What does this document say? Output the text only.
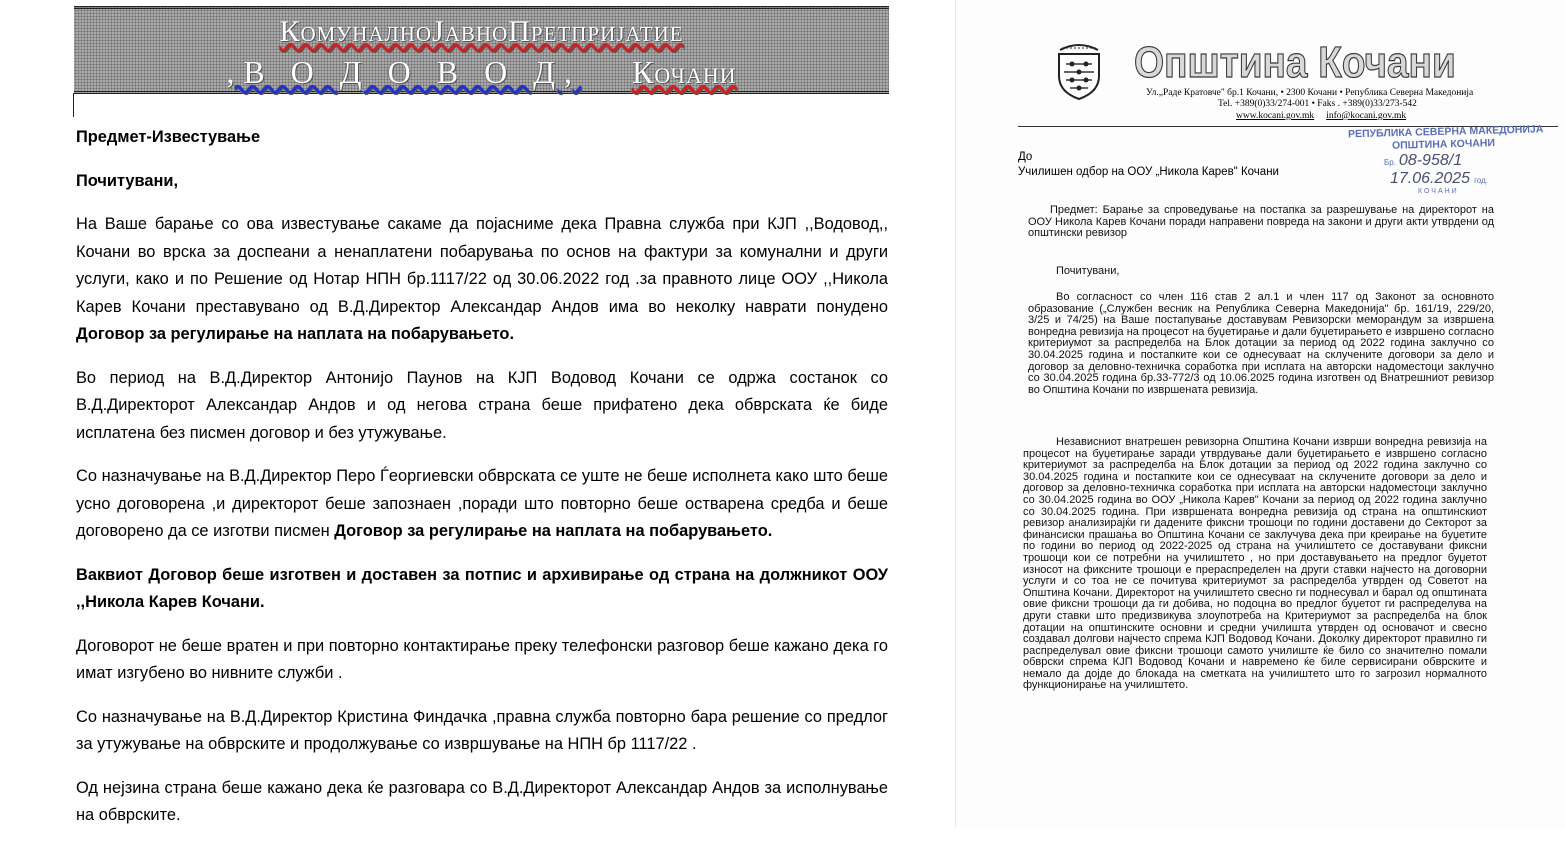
КомуналноЈавноПретпријатие
,В О Д О В О Д, Кочани

Предмет-Известување

Почитувани,

На Ваше барање со ова известување сакаме да појасниме дека Правна служба при КЈП ,,Водовод,, Кочани во врска за доспеани а ненаплатени побарувања по основ на фактури за комунални и други услуги, како и по Решение од Нотар НПН бр.1117/22 од 30.06.2022 год .за правното лице ООУ ,,Никола Карев Кочани преставувано од В.Д.Директор Александар Андов има во неколку наврати понудено Договор за регулирање на наплата на побарувањето.

Во период на В.Д.Директор Антонијо Паунов на КЈП Водовод Кочани се одржа состанок со В.Д.Директорот Александар Андов и од негова страна беше прифатено дека обврската ќе биде исплатена без писмен договор и без утужување.

Со назначување на В.Д.Директор Перо Ѓеоргиевски обврската се уште не беше исполнета како што беше усно договорена ,и директорот беше запознаен ,поради што повторно беше остварена средба и беше договорено да се изготви писмен Договор за регулирање на наплата на побарувањето.

Ваквиот Договор беше изготвен и доставен за потпис и архивирање од страна на должникот ООУ ,,Никола Карев Кочани.

Договорот не беше вратен и при повторно контактирање преку телефонски разговор беше кажано дека го имат изгубено во нивните служби .

Со назначување на В.Д.Директор Кристина Финдачка ,правна служба повторно бара решение со предлог за утужување на обврските и продолжување со извршување на НПН бр 1117/22 .

Од нејзина страна беше кажано дека ќе разговара со В.Д.Директорот Александар Андов за исполнување на обврските.

Општина Кочани
Ул.„Раде Кратовче" бр.1 Кочани, • 2300 Кочани • Република Северна Македонија
Tel. +389(0)33/274-001 • Faks . +389(0)33/273-542
www.kocani.gov.mk info@kocani.gov.mk
РЕПУБЛИКА СЕВЕРНА МАКЕДОНИЈА
ОПШТИНА КОЧАНИ
Бр. 08-958/1
17.06.2025 год.
КОЧАНИ
До
Училишен одбор на ООУ „Никола Карев" Кочани
Предмет: Барање за спроведување на постапка за разрешување на директорот на ООУ Никола Карев Кочани поради направени повреда на закони и други акти утврдени од општински ревизор
Почитувани,
Во согласност со член 116 став 2 ал.1 и член 117 од Законот за основното образование („Службен весник на Република Северна Македонија" бр. 161/19, 229/20, 3/25 и 74/25) на Ваше постапување доставувам Ревизорски меморандум за извршена вонредна ревизија на процесот на буџетирање и дали буџетирањето е извршено согласно критериумот за распределба на Блок дотации за период од 2022 година заклучно со 30.04.2025 година и постапките кои се однесуваат на склучените договори за дело и договор за деловно-техничка соработка при исплата на авторски надоместоци заклучно со 30.04.2025 година бр.33-772/3 од 10.06.2025 година изготвен од Внатрешниот ревизор во Општина Кочани по извршената ревизија.
Независниот внатрешен ревизорна Општина Кочани изврши вонредна ревизија на процесот на буџетирање заради утврдување дали буџетирањето е извршено согласно критериумот за распределба на Блок дотации за период од 2022 година заклучно со 30.04.2025 година и постапките кои се однесуваат на склучените договори за дело и договор за деловно-техничка соработка при исплата на авторски надоместоци заклучно со 30.04.2025 година во ООУ „Никола Карев" Кочани за период од 2022 година заклучно со 30.04.2025 година. При извршената вонредна ревизија од страна на општинскиот ревизор анализирајќи ги дадените фиксни трошоци по години доставени до Секторот за финансиски прашања во Општина Кочани се заклучува дека при креирање на буџетите по години во период од 2022-2025 од страна на училиштето се доставувани фиксни трошоци кои се потребни на училиштето , но при доставувањето на предлог буџетот износот на фиксните трошоци е прераспределен на други ставки најчесто на договорни услуги и со тоа не се почитува критериумот за распределба утврден од Советот на Општина Кочани. Директорот на училиштето свесно ги поднесувал и барал од општината овие фиксни трошоци да ги добива, но подоцна во предлог буџетот ги распределува на други ставки што предизвикува злоупотреба на Критериумот за распределба на блок дотации на општинските основни и средни училишта утврден од основачот и свесно создавал долгови најчесто спрема КЈП Водовод Кочани. Доколку директорот правилно ги распределувал овие фиксни трошоци самото училиште ќе било со значително помали обврски спрема КЈП Водовод Кочани и навремено ќе биле сервисирани обврските и немало да дојде до блокада на сметката на училиштето што го загрозил нормалното функционирање на училиштето.
